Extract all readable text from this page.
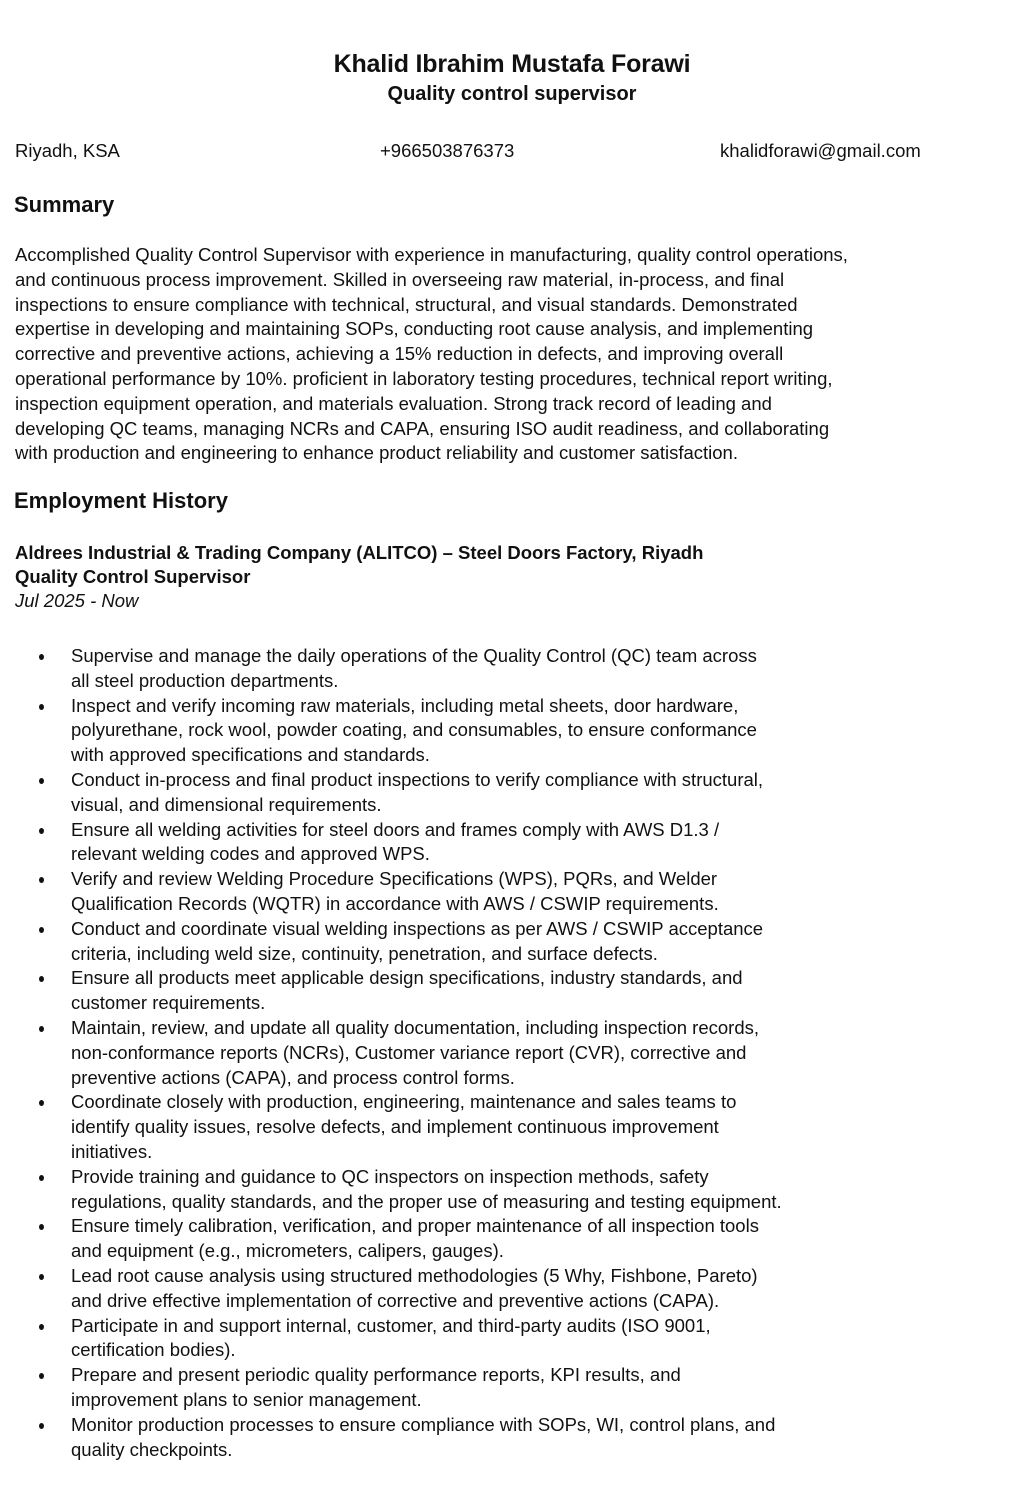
Khalid Ibrahim Mustafa Forawi
Quality control supervisor
Riyadh, KSA	+966503876373	khalidforawi@gmail.com
Summary
Accomplished Quality Control Supervisor with experience in manufacturing, quality control operations,
and continuous process improvement. Skilled in overseeing raw material, in-process, and final
inspections to ensure compliance with technical, structural, and visual standards. Demonstrated
expertise in developing and maintaining SOPs, conducting root cause analysis, and implementing
corrective and preventive actions, achieving a 15% reduction in defects, and improving overall
operational performance by 10%. proficient in laboratory testing procedures, technical report writing,
inspection equipment operation, and materials evaluation. Strong track record of leading and
developing QC teams, managing NCRs and CAPA, ensuring ISO audit readiness, and collaborating
with production and engineering to enhance product reliability and customer satisfaction.
Employment History
Aldrees Industrial & Trading Company (ALITCO) – Steel Doors Factory, Riyadh
Quality Control Supervisor
Jul 2025 - Now
Supervise and manage the daily operations of the Quality Control (QC) team across
all steel production departments.
Inspect and verify incoming raw materials, including metal sheets, door hardware,
polyurethane, rock wool, powder coating, and consumables, to ensure conformance
with approved specifications and standards.
Conduct in-process and final product inspections to verify compliance with structural,
visual, and dimensional requirements.
Ensure all welding activities for steel doors and frames comply with AWS D1.3 /
relevant welding codes and approved WPS.
Verify and review Welding Procedure Specifications (WPS), PQRs, and Welder
Qualification Records (WQTR) in accordance with AWS / CSWIP requirements.
Conduct and coordinate visual welding inspections as per AWS / CSWIP acceptance
criteria, including weld size, continuity, penetration, and surface defects.
Ensure all products meet applicable design specifications, industry standards, and
customer requirements.
Maintain, review, and update all quality documentation, including inspection records,
non-conformance reports (NCRs), Customer variance report (CVR), corrective and
preventive actions (CAPA), and process control forms.
Coordinate closely with production, engineering, maintenance and sales teams to
identify quality issues, resolve defects, and implement continuous improvement
initiatives.
Provide training and guidance to QC inspectors on inspection methods, safety
regulations, quality standards, and the proper use of measuring and testing equipment.
Ensure timely calibration, verification, and proper maintenance of all inspection tools
and equipment (e.g., micrometers, calipers, gauges).
Lead root cause analysis using structured methodologies (5 Why, Fishbone, Pareto)
and drive effective implementation of corrective and preventive actions (CAPA).
Participate in and support internal, customer, and third-party audits (ISO 9001,
certification bodies).
Prepare and present periodic quality performance reports, KPI results, and
improvement plans to senior management.
Monitor production processes to ensure compliance with SOPs, WI, control plans, and
quality checkpoints.
